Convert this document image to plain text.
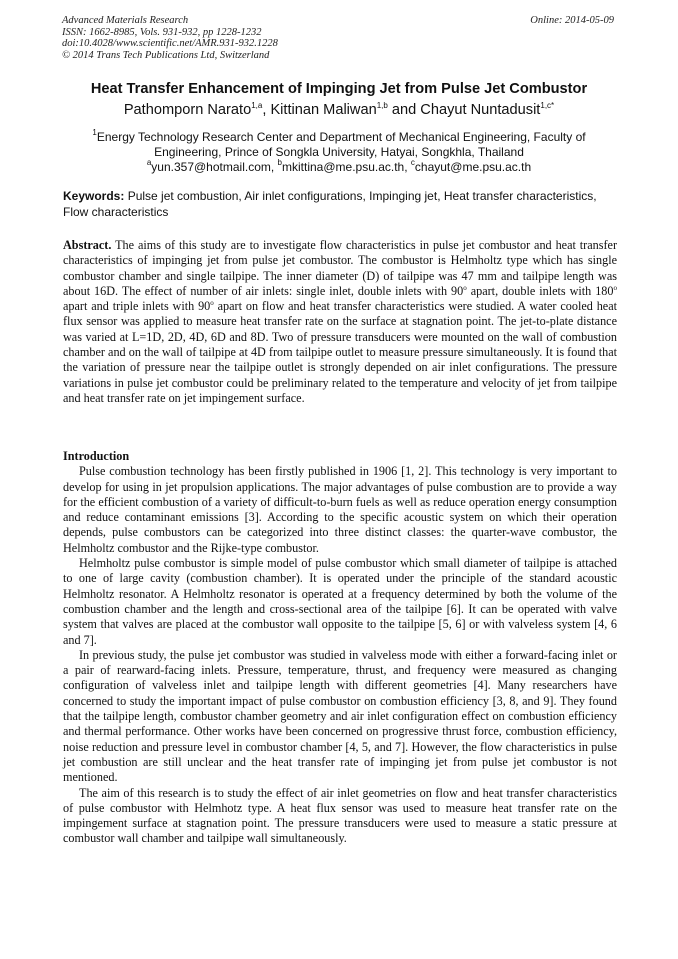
Advanced Materials Research
ISSN: 1662-8985, Vols. 931-932, pp 1228-1232
doi:10.4028/www.scientific.net/AMR.931-932.1228
© 2014 Trans Tech Publications Ltd, Switzerland
Online: 2014-05-09
Heat Transfer Enhancement of Impinging Jet from Pulse Jet Combustor
Pathomporn Narato$^{1,a}$, Kittinan Maliwan$^{1,b}$ and Chayut Nuntadusit$^{1,c*}$
$^1$Energy Technology Research Center and Department of Mechanical Engineering, Faculty of
Engineering, Prince of Songkla University, Hatyai, Songkhla, Thailand
$^a$yun.357@hotmail.com, $^b$mkittina@me.psu.ac.th, $^c$chayut@me.psu.ac.th
Keywords: Pulse jet combustion, Air inlet configurations, Impinging jet, Heat transfer characteristics, Flow characteristics
Abstract. The aims of this study are to investigate flow characteristics in pulse jet combustor and heat transfer characteristics of impinging jet from pulse jet combustor. The combustor is Helmholtz type which has single combustor chamber and single tailpipe. The inner diameter (D) of tailpipe was 47 mm and tailpipe length was about 16D. The effect of number of air inlets: single inlet, double inlets with 90$^o$ apart, double inlets with 180$^o$ apart and triple inlets with 90$^o$ apart on flow and heat transfer characteristics were studied. A water cooled heat flux sensor was applied to measure heat transfer rate on the surface at stagnation point. The jet-to-plate distance was varied at L=1D, 2D, 4D, 6D and 8D. Two of pressure transducers were mounted on the wall of combustion chamber and on the wall of tailpipe at 4D from tailpipe outlet to measure pressure simultaneously. It is found that the variation of pressure near the tailpipe outlet is strongly depended on air inlet configurations. The pressure variations in pulse jet combustor could be preliminary related to the temperature and velocity of jet from tailpipe and heat transfer rate on jet impingement surface.
Introduction

Pulse combustion technology has been firstly published in 1906 [1, 2]. This technology is very important to develop for using in jet propulsion applications. The major advantages of pulse combustion are to provide a way for the efficient combustion of a variety of difficult-to-burn fuels as well as reduce operation energy consumption and reduce contaminant emissions [3]. According to the specific acoustic system on which their operation depends, pulse combustors can be categorized into three distinct classes: the quarter-wave combustor, the Helmholtz combustor and the Rijke-type combustor.

Helmholtz pulse combustor is simple model of pulse combustor which small diameter of tailpipe is attached to one of large cavity (combustion chamber). It is operated under the principle of the standard acoustic Helmholtz resonator. A Helmholtz resonator is operated at a frequency determined by both the volume of the combustion chamber and the length and cross-sectional area of the tailpipe [6]. It can be operated with valve system that valves are placed at the combustor wall opposite to the tailpipe [5, 6] or with valveless system [4, 6 and 7].

In previous study, the pulse jet combustor was studied in valveless mode with either a forward-facing inlet or a pair of rearward-facing inlets. Pressure, temperature, thrust, and frequency were measured as changing configuration of valveless inlet and tailpipe length with different geometries [4]. Many researchers have concerned to study the important impact of pulse combustor on combustion efficiency [3, 8, and 9]. They found that the tailpipe length, combustor chamber geometry and air inlet configuration effect on combustion efficiency and thermal performance. Other works have been concerned on progressive thrust force, combustion efficiency, noise reduction and pressure level in combustor chamber [4, 5, and 7]. However, the flow characteristics in pulse jet combustion are still unclear and the heat transfer rate of impinging jet from pulse jet combustor is not mentioned.

The aim of this research is to study the effect of air inlet geometries on flow and heat transfer characteristics of pulse combustor with Helmhotz type. A heat flux sensor was used to measure heat transfer rate on the impingement surface at stagnation point. The pressure transducers were used to measure a static pressure at combustor wall chamber and tailpipe wall simultaneously.
